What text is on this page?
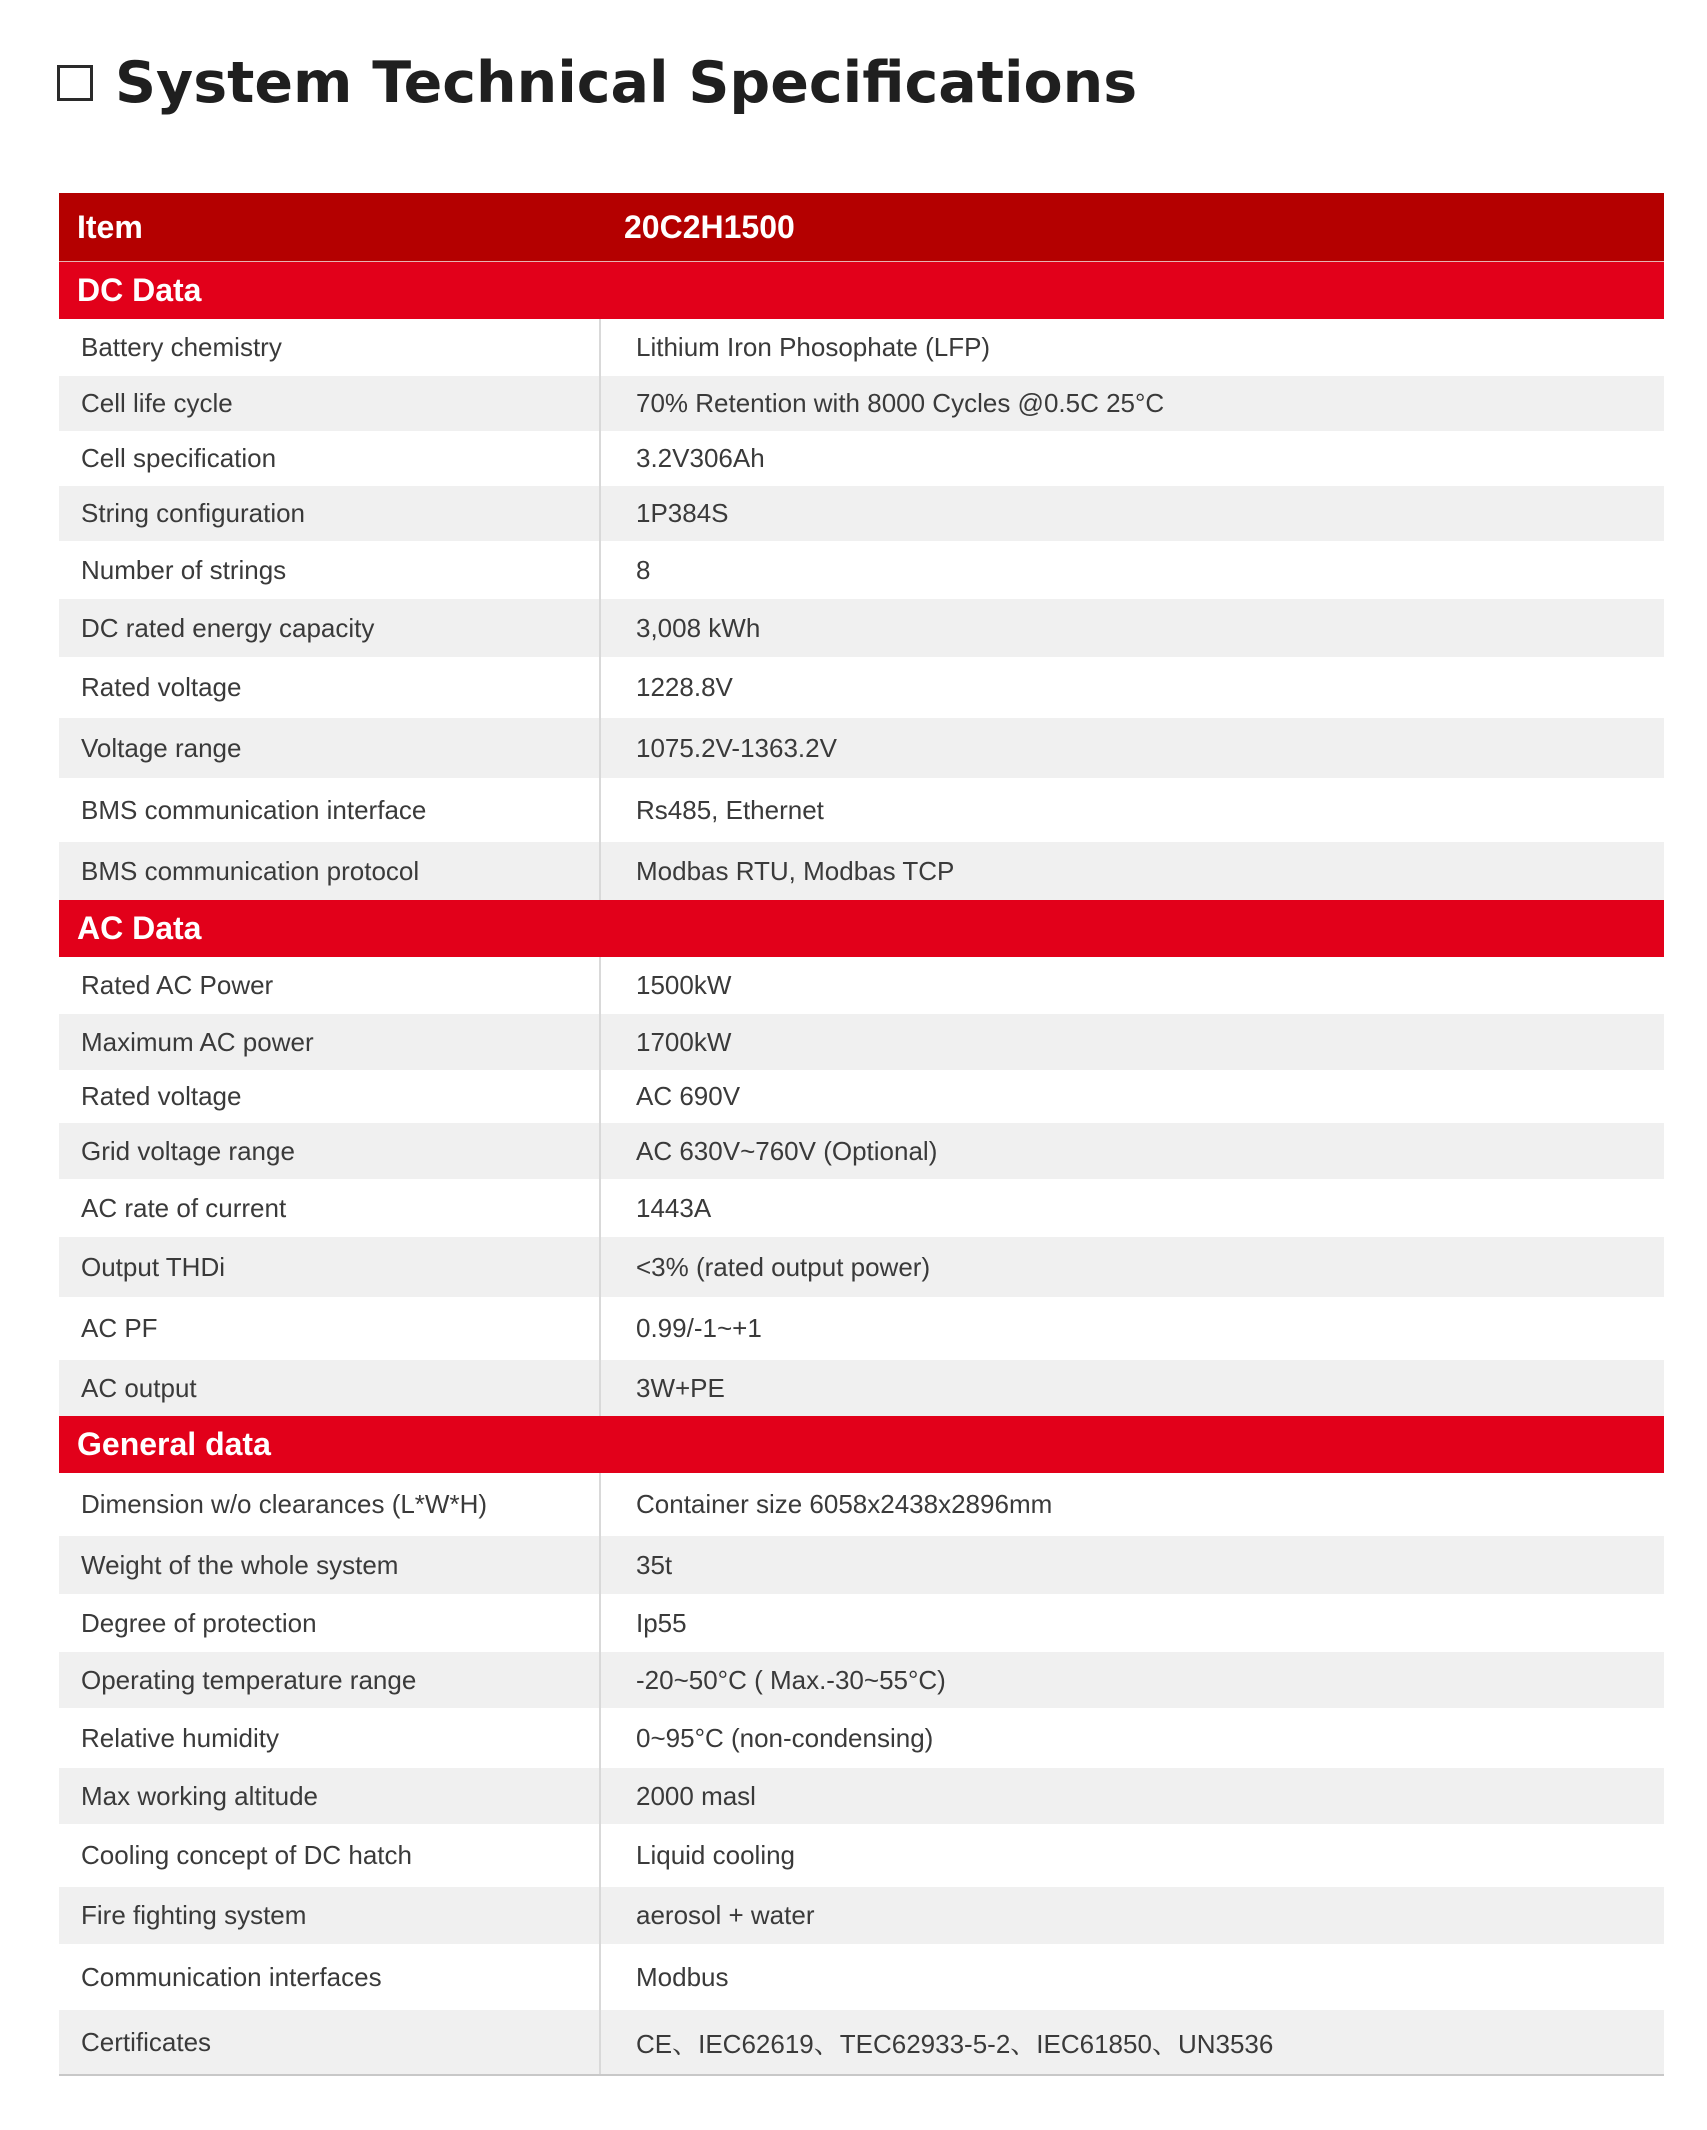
System Technical Specifications
Item	20C2H1500
DC Data
Battery chemistry	Lithium Iron Phosophate (LFP)
Cell life cycle	70% Retention with 8000 Cycles @0.5C 25°C
Cell specification	3.2V306Ah
String configuration	1P384S
Number of strings	8
DC rated energy capacity	3,008 kWh
Rated voltage	1228.8V
Voltage range	1075.2V-1363.2V
BMS communication interface	Rs485, Ethernet
BMS communication protocol	Modbas RTU, Modbas TCP
AC Data
Rated AC Power	1500kW
Maximum AC power	1700kW
Rated voltage	AC 690V
Grid voltage range	AC 630V~760V (Optional)
AC rate of current	1443A
Output THDi	<3% (rated output power)
AC PF	0.99/-1~+1
AC output	3W+PE
General data
Dimension w/o clearances (L*W*H)	Container size 6058x2438x2896mm
Weight of the whole system	35t
Degree of protection	Ip55
Operating temperature range	-20~50°C ( Max.-30~55°C)
Relative humidity	0~95°C (non-condensing)
Max working altitude	2000 masl
Cooling concept of DC hatch	Liquid cooling
Fire fighting system	aerosol + water
Communication interfaces	Modbus
Certificates	CE、IEC62619、TEC62933-5-2、IEC61850、UN3536
